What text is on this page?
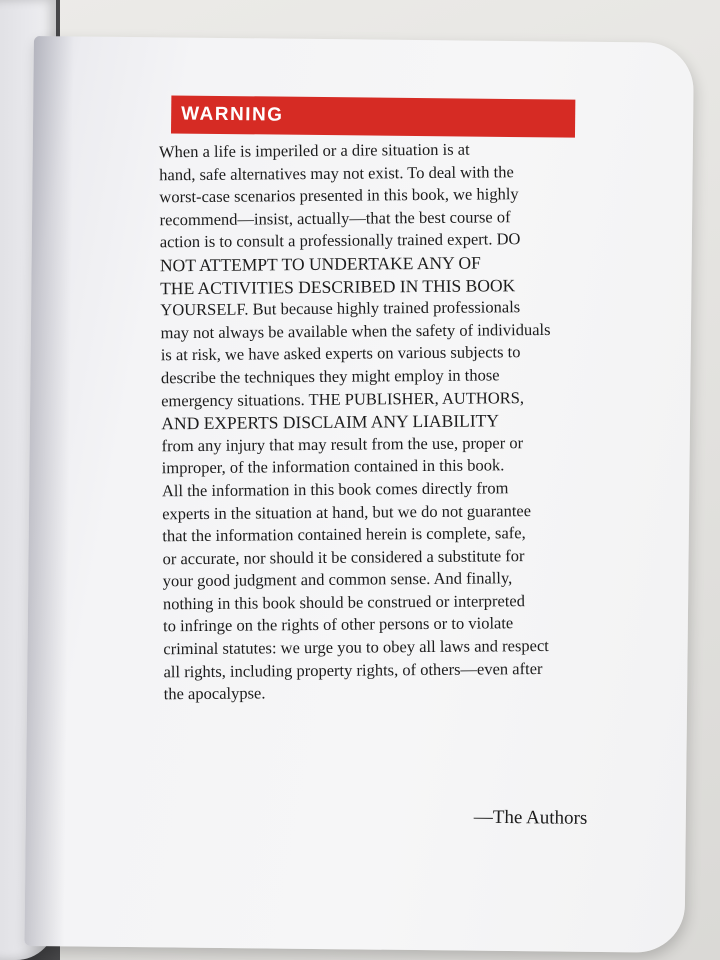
WARNING
When a life is imperiled or a dire situation is at
hand, safe alternatives may not exist. To deal with the
worst-case scenarios presented in this book, we highly
recommend—insist, actually—that the best course of
action is to consult a professionally trained expert. DO
NOT ATTEMPT TO UNDERTAKE ANY OF
THE ACTIVITIES DESCRIBED IN THIS BOOK
YOURSELF. But because highly trained professionals
may not always be available when the safety of individuals
is at risk, we have asked experts on various subjects to
describe the techniques they might employ in those
emergency situations. THE PUBLISHER, AUTHORS,
AND EXPERTS DISCLAIM ANY LIABILITY
from any injury that may result from the use, proper or
improper, of the information contained in this book.
All the information in this book comes directly from
experts in the situation at hand, but we do not guarantee
that the information contained herein is complete, safe,
or accurate, nor should it be considered a substitute for
your good judgment and common sense. And finally,
nothing in this book should be construed or interpreted
to infringe on the rights of other persons or to violate
criminal statutes: we urge you to obey all laws and respect
all rights, including property rights, of others—even after
the apocalypse.
—The Authors
